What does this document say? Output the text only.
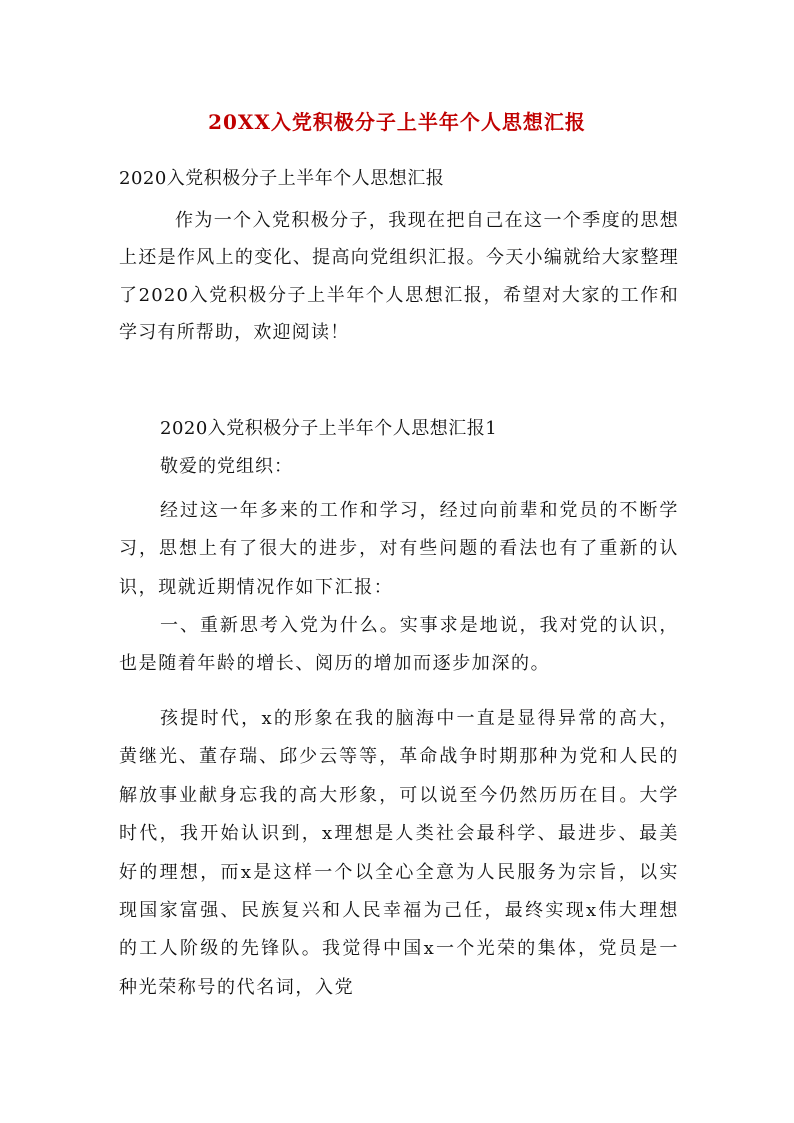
20XX入党积极分子上半年个人思想汇报
2020入党积极分子上半年个人思想汇报

作为一个入党积极分子，我现在把自己在这一个季度的思想上还是作风上的变化、提高向党组织汇报。今天小编就给大家整理了2020入党积极分子上半年个人思想汇报，希望对大家的工作和学习有所帮助，欢迎阅读！

2020入党积极分子上半年个人思想汇报1
敬爱的党组织：

经过这一年多来的工作和学习，经过向前辈和党员的不断学习，思想上有了很大的进步，对有些问题的看法也有了重新的认识，现就近期情况作如下汇报：

一、重新思考入党为什么。实事求是地说，我对党的认识，也是随着年龄的增长、阅历的增加而逐步加深的。

孩提时代，x的形象在我的脑海中一直是显得异常的高大，黄继光、董存瑞、邱少云等等，革命战争时期那种为党和人民的解放事业献身忘我的高大形象，可以说至今仍然历历在目。大学时代，我开始认识到，x理想是人类社会最科学、最进步、最美好的理想，而x是这样一个以全心全意为人民服务为宗旨，以实现国家富强、民族复兴和人民幸福为己任，最终实现x伟大理想的工人阶级的先锋队。我觉得中国x一个光荣的集体，党员是一种光荣称号的代名词，入党
